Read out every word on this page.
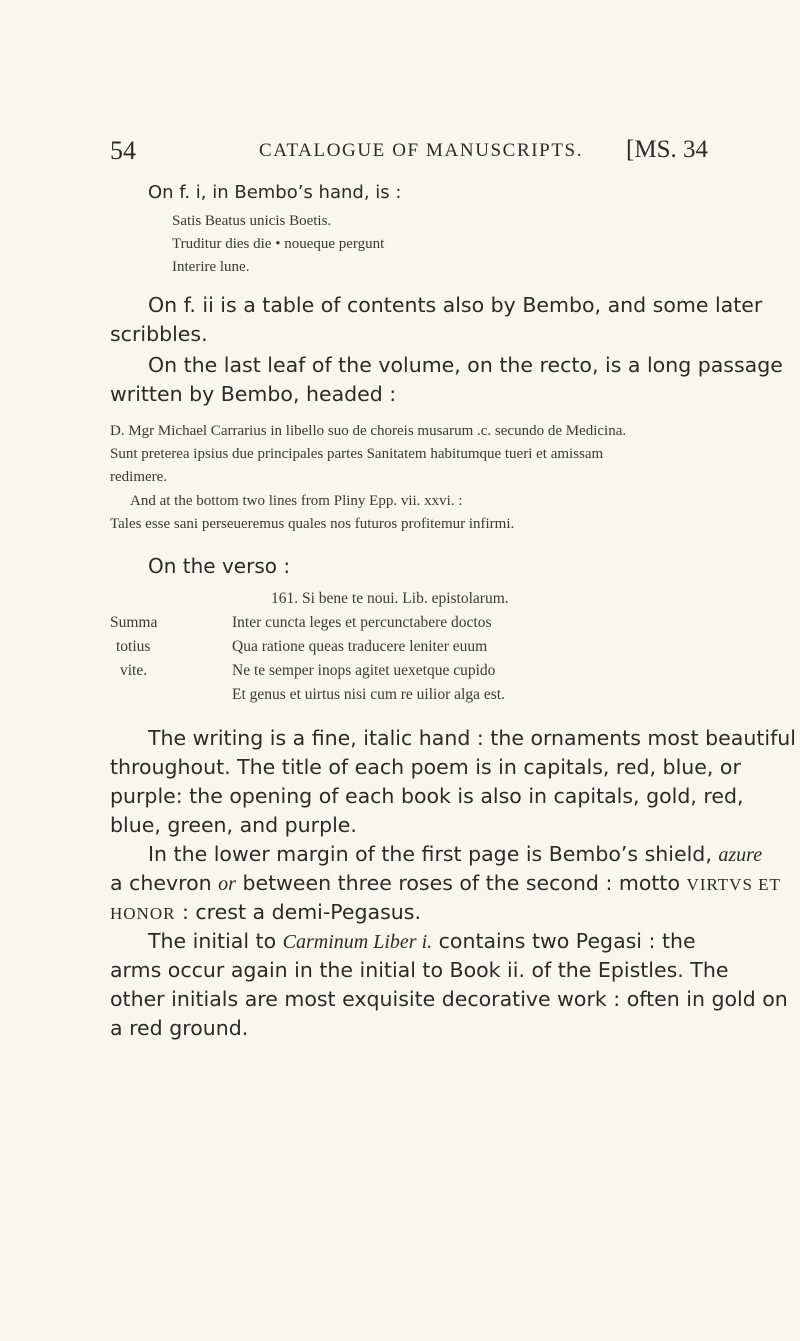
54	CATALOGUE OF MANUSCRIPTS. [MS. 34
On f. i, in Bembo’s hand, is :
Satis Beatus unicis Boetis.
Truditur dies die • noueque pergunt
Interire lune.
On f. ii is a table of contents also by Bembo, and some later
scribbles.
On the last leaf of the volume, on the recto, is a long passage
written by Bembo, headed :
D. Mgr Michael Carrarius in libello suo de choreis musarum .c. secundo de Medicina.
Sunt preterea ipsius due principales partes Sanitatem habitumque tueri et amissam
redimere.
And at the bottom two lines from Pliny Epp. vii. xxvi. :
Tales esse sani perseueremus quales nos futuros profitemur infirmi.
On the verso :
161. Si bene te noui. Lib. epistolarum.
Inter cuncta leges et percunctabere doctos
Qua ratione queas traducere leniter euum
Ne te semper inops agitet uexetque cupido
Et genus et uirtus nisi cum re uilior alga est.
Summa
totius
vite.
The writing is a fine, italic hand : the ornaments most beautiful
throughout. The title of each poem is in capitals, red, blue, or
purple: the opening of each book is also in capitals, gold, red,
blue, green, and purple.
In the lower margin of the first page is Bembo’s shield, azure
a chevron or between three roses of the second : motto VIRTVS ET
HONOR : crest a demi-Pegasus.
The initial to Carminum Liber i. contains two Pegasi : the
arms occur again in the initial to Book ii. of the Epistles. The
other initials are most exquisite decorative work : often in gold on
a red ground.
